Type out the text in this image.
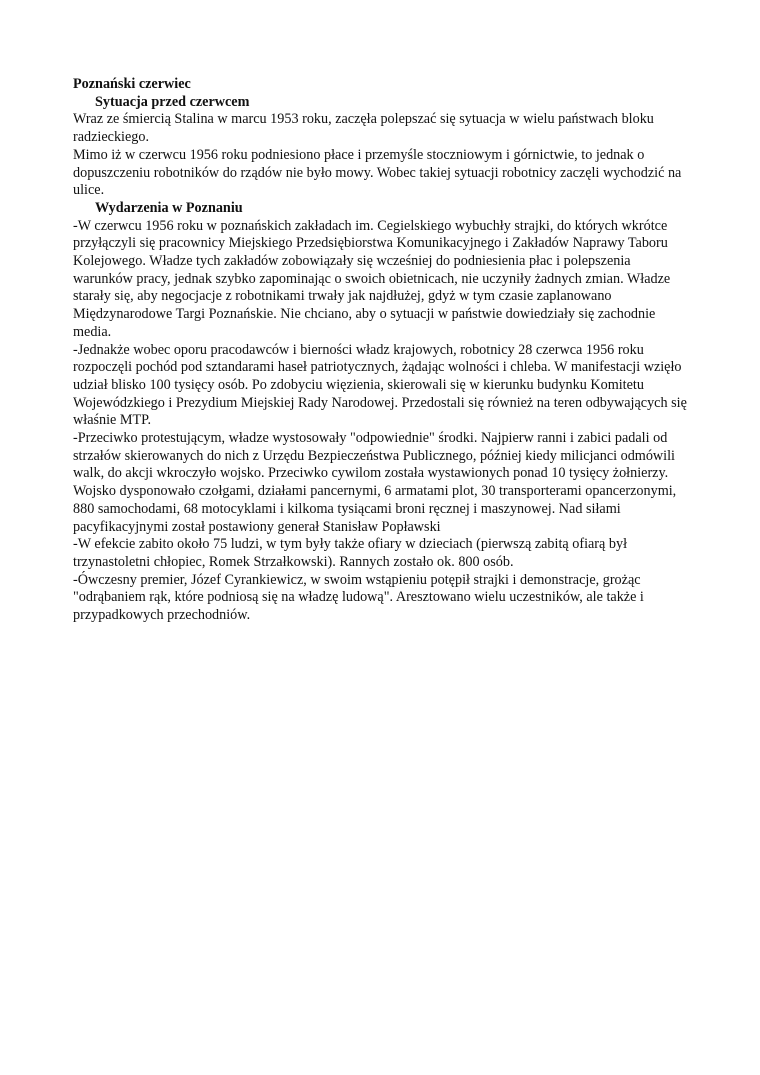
Poznański czerwiec

Sytuacja przed czerwcem

Wraz ze śmiercią Stalina w marcu 1953 roku, zaczęła polepszać się sytuacja w wielu państwach bloku radzieckiego.

Mimo iż w czerwcu 1956 roku podniesiono płace i przemyśle stoczniowym i górnictwie, to jednak o dopuszczeniu robotników do rządów nie było mowy. Wobec takiej sytuacji robotnicy zaczęli wychodzić na ulice.

Wydarzenia w Poznaniu

-W czerwcu 1956 roku w poznańskich zakładach im. Cegielskiego wybuchły strajki, do których wkrótce przyłączyli się pracownicy Miejskiego Przedsiębiorstwa Komunikacyjnego i Zakładów Naprawy Taboru Kolejowego. Władze tych zakładów zobowiązały się wcześniej do podniesienia płac i polepszenia warunków pracy, jednak szybko zapominając o swoich obietnicach, nie uczyniły żadnych zmian. Władze starały się, aby negocjacje z robotnikami trwały jak najdłużej, gdyż w tym czasie zaplanowano Międzynarodowe Targi Poznańskie. Nie chciano, aby o sytuacji w państwie dowiedziały się zachodnie media.

-Jednakże wobec oporu pracodawców i bierności władz krajowych, robotnicy 28 czerwca 1956 roku rozpoczęli pochód pod sztandarami haseł patriotycznych, żądając wolności i chleba. W manifestacji wzięło udział blisko 100 tysięcy osób. Po zdobyciu więzienia, skierowali się w kierunku budynku Komitetu Wojewódzkiego i Prezydium Miejskiej Rady Narodowej. Przedostali się również na teren odbywających się właśnie MTP.

-Przeciwko protestującym, władze wystosowały "odpowiednie" środki. Najpierw ranni i zabici padali od strzałów skierowanych do nich z Urzędu Bezpieczeństwa Publicznego, później kiedy milicjanci odmówili walk, do akcji wkroczyło wojsko. Przeciwko cywilom została wystawionych ponad 10 tysięcy żołnierzy. Wojsko dysponowało czołgami, działami pancernymi, 6 armatami plot, 30 transporterami opancerzonymi, 880 samochodami, 68 motocyklami i kilkoma tysiącami broni ręcznej i maszynowej. Nad siłami pacyfikacyjnymi został postawiony generał Stanisław Popławski

-W efekcie zabito około 75 ludzi, w tym były także ofiary w dzieciach (pierwszą zabitą ofiarą był trzynastoletni chłopiec, Romek Strzałkowski). Rannych zostało ok. 800 osób.

-Ówczesny premier, Józef Cyrankiewicz, w swoim wstąpieniu potępił strajki i demonstracje, grożąc "odrąbaniem rąk, które podniosą się na władzę ludową". Aresztowano wielu uczestników, ale także i przypadkowych przechodniów.
